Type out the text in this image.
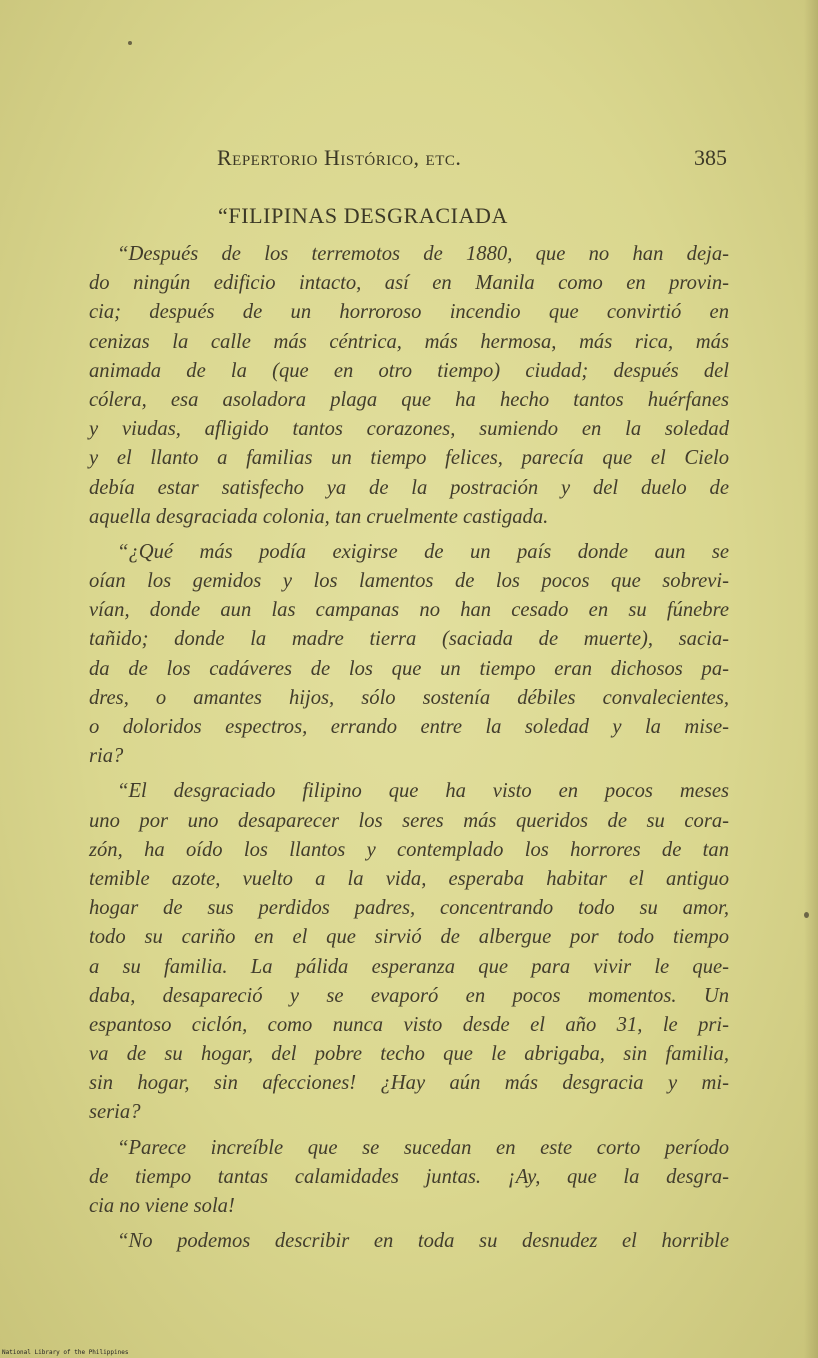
Repertorio Histórico, etc.	385
“FILIPINAS DESGRACIADA
“Después de los terremotos de 1880, que no han deja-
do ningún edificio intacto, así en Manila como en provin-
cia; después de un horroroso incendio que convirtió en
cenizas la calle más céntrica, más hermosa, más rica, más
animada de la (que en otro tiempo) ciudad; después del
cólera, esa asoladora plaga que ha hecho tantos huérfanes
y viudas, afligido tantos corazones, sumiendo en la soledad
y el llanto a familias un tiempo felices, parecía que el Cielo
debía estar satisfecho ya de la postración y del duelo de
aquella desgraciada colonia, tan cruelmente castigada.
“¿Qué más podía exigirse de un país donde aun se
oían los gemidos y los lamentos de los pocos que sobrevi-
vían, donde aun las campanas no han cesado en su fúnebre
tañido; donde la madre tierra (saciada de muerte), sacia-
da de los cadáveres de los que un tiempo eran dichosos pa-
dres, o amantes hijos, sólo sostenía débiles convalecientes,
o doloridos espectros, errando entre la soledad y la mise-
ria?
“El desgraciado filipino que ha visto en pocos meses
uno por uno desaparecer los seres más queridos de su cora-
zón, ha oído los llantos y contemplado los horrores de tan
temible azote, vuelto a la vida, esperaba habitar el antiguo
hogar de sus perdidos padres, concentrando todo su amor,
todo su cariño en el que sirvió de albergue por todo tiempo
a su familia. La pálida esperanza que para vivir le que-
daba, desapareció y se evaporó en pocos momentos. Un
espantoso ciclón, como nunca visto desde el año 31, le pri-
va de su hogar, del pobre techo que le abrigaba, sin familia,
sin hogar, sin afecciones! ¿Hay aún más desgracia y mi-
seria?
“Parece increíble que se sucedan en este corto período
de tiempo tantas calamidades juntas. ¡Ay, que la desgra-
cia no viene sola!
“No podemos describir en toda su desnudez el horrible
National Library of the Philippines
